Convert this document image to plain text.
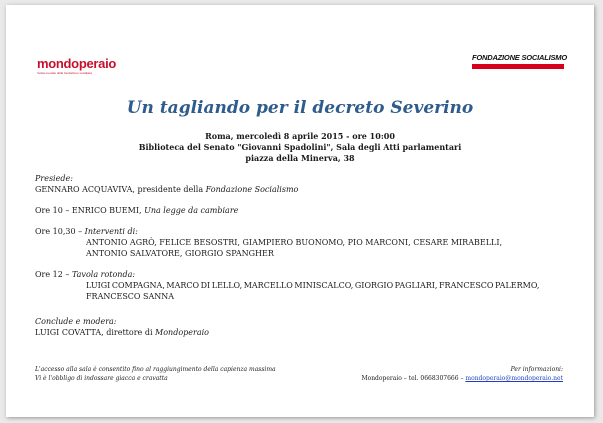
mondoperaio
rivista mensile della fondazione socialista
FONDAZIONE SOCIALISMO
Un tagliando per il decreto Severino
Roma, mercoledì 8 aprile 2015 - ore 10:00
Biblioteca del Senato "Giovanni Spadolini", Sala degli Atti parlamentari
piazza della Minerva, 38
Presiede:
GENNARO ACQUAVIVA, presidente della Fondazione Socialismo
Ore 10 – ENRICO BUEMI, Una legge da cambiare
Ore 10,30 – Interventi di:
ANTONIO AGRÒ, FELICE BESOSTRI, GIAMPIERO BUONOMO, PIO MARCONI, CESARE MIRABELLI,
ANTONIO SALVATORE, GIORGIO SPANGHER
Ore 12 – Tavola rotonda:
LUIGI COMPAGNA, MARCO DI LELLO, MARCELLO MINISCALCO, GIORGIO PAGLIARI, FRANCESCO PALERMO,
FRANCESCO SANNA
Conclude e modera:
LUIGI COVATTA, direttore di Mondoperaio
L'accesso alla sala è consentito fino al raggiungimento della capienza massima
Vi è l'obbligo di indossare giacca e cravatta
Per informazioni:
Mondoperaio – tel. 0668307666 – mondoperaio@mondoperaio.net
